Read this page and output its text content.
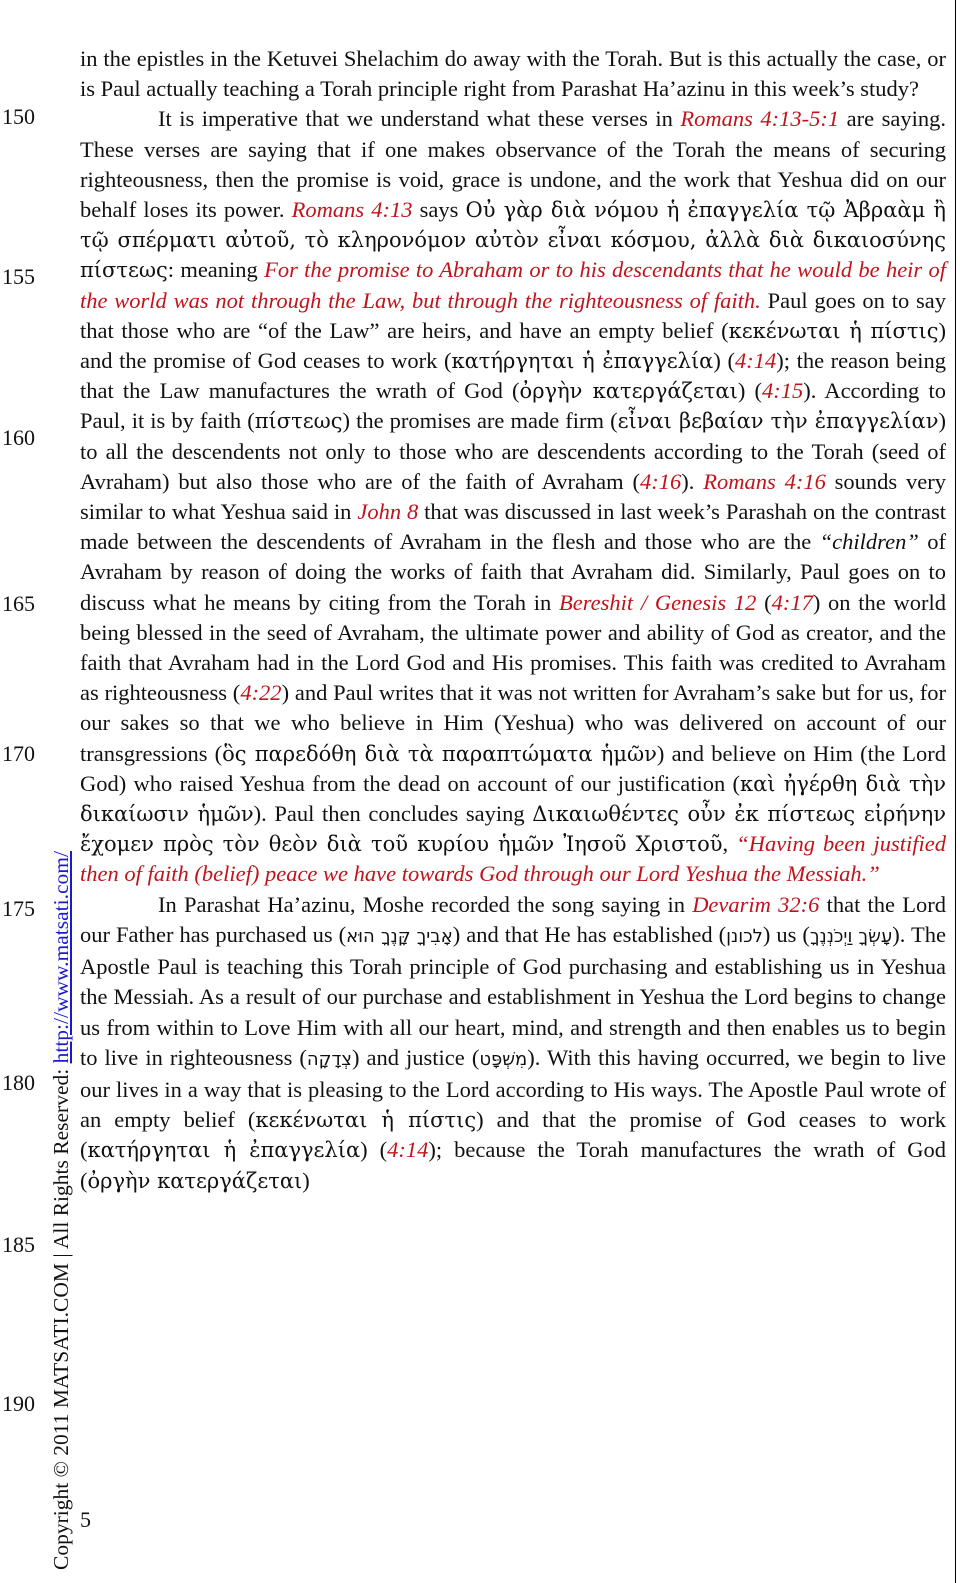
150
155
160
165
170
175
180
185
190 Copyright © 2011 MATSATI.COM | All Rights Reserved: http://www.matsati.com/

in the epistles in the Ketuvei Shelachim do away with the Torah. But is this actually the case, or is Paul actually teaching a Torah principle right from Parashat Ha’azinu in this week’s study?

It is imperative that we understand what these verses in Romans 4:13-5:1 are saying. These verses are saying that if one makes observance of the Torah the means of securing righteousness, then the promise is void, grace is undone, and the work that Yeshua did on our behalf loses its power. Romans 4:13 says Οὐ γὰρ διὰ νόμου ἡ ἐπαγγελία τῷ Ἀβραὰμ ἢ τῷ σπέρματι αὐτοῦ, τὸ κληρονόμον αὐτὸν εἶναι κόσμου, ἀλλὰ διὰ δικαιοσύνης πίστεως: meaning For the promise to Abraham or to his descendants that he would be heir of the world was not through the Law, but through the righteousness of faith. Paul goes on to say that those who are “of the Law” are heirs, and have an empty belief (κεκένωται ἡ πίστις) and the promise of God ceases to work (κατήργηται ἡ ἐπαγγελία) (4:14); the reason being that the Law manufactures the wrath of God (ὀργὴν κατεργάζεται) (4:15). According to Paul, it is by faith (πίστεως) the promises are made firm (εἶναι βεβαίαν τὴν ἐπαγγελίαν) to all the descendents not only to those who are descendents according to the Torah (seed of Avraham) but also those who are of the faith of Avraham (4:16). Romans 4:16 sounds very similar to what Yeshua said in John 8 that was discussed in last week’s Parashah on the contrast made between the descendents of Avraham in the flesh and those who are the “children” of Avraham by reason of doing the works of faith that Avraham did. Similarly, Paul goes on to discuss what he means by citing from the Torah in Bereshit / Genesis 12 (4:17) on the world being blessed in the seed of Avraham, the ultimate power and ability of God as creator, and the faith that Avraham had in the Lord God and His promises. This faith was credited to Avraham as righteousness (4:22) and Paul writes that it was not written for Avraham’s sake but for us, for our sakes so that we who believe in Him (Yeshua) who was delivered on account of our transgressions (ὃς παρεδόθη διὰ τὰ παραπτώματα ἡμῶν) and believe on Him (the Lord God) who raised Yeshua from the dead on account of our justification (καὶ ἠγέρθη διὰ τὴν δικαίωσιν ἡμῶν). Paul then concludes saying Δικαιωθέντες οὖν ἐκ πίστεως εἰρήνην ἔχομεν πρὸς τὸν θεὸν διὰ τοῦ κυρίου ἡμῶν Ἰησοῦ Χριστοῦ, “Having been justified then of faith (belief) peace we have towards God through our Lord Yeshua the Messiah.”

In Parashat Ha’azinu, Moshe recorded the song saying in Devarim 32:6 that the Lord our Father has purchased us (אָבִיךָ קָּנֶךָ הוּא) and that He has established (לכונן) us (עָשְׂךָ וַיְכֹנְנֶךָ). The Apostle Paul is teaching this Torah principle of God purchasing and establishing us in Yeshua the Messiah. As a result of our purchase and establishment in Yeshua the Lord begins to change us from within to Love Him with all our heart, mind, and strength and then enables us to begin to live in righteousness (צְדָקָה) and justice (מִשְׁפָּט). With this having occurred, we begin to live our lives in a way that is pleasing to the Lord according to His ways. The Apostle Paul wrote of an empty belief (κεκένωται ἡ πίστις) and that the promise of God ceases to work (κατήργηται ἡ ἐπαγγελία) (4:14); because the Torah manufactures the wrath of God (ὀργὴν κατεργάζεται)

5
